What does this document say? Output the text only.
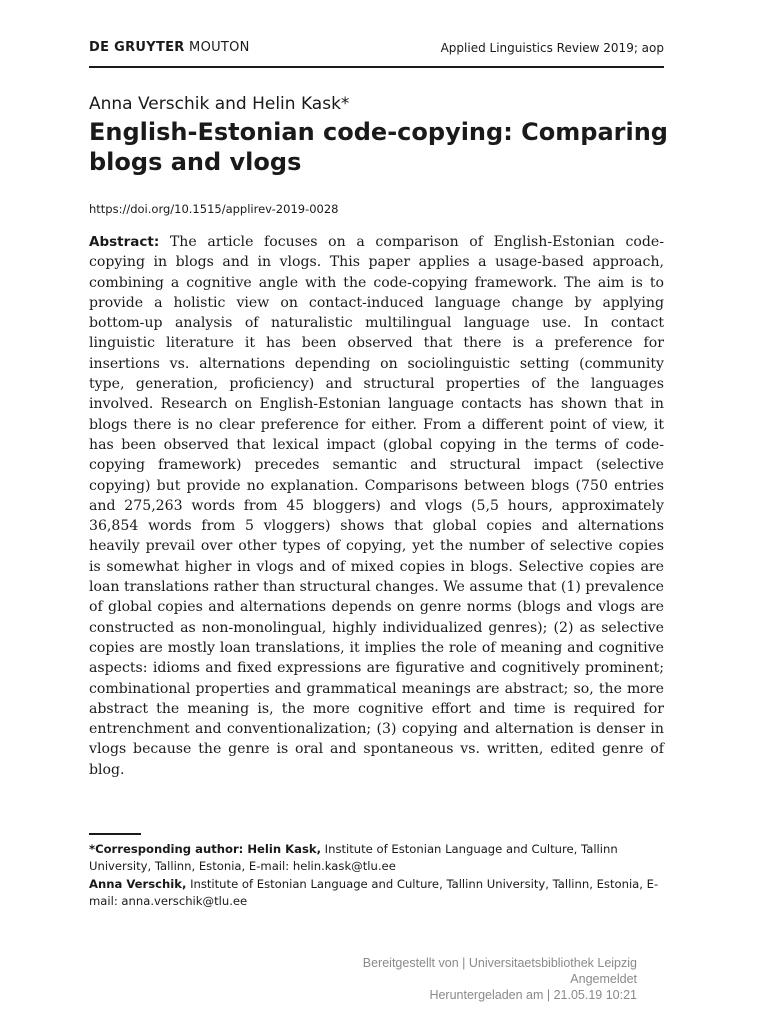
DE GRUYTER MOUTON	Applied Linguistics Review 2019; aop
Anna Verschik and Helin Kask*
English-Estonian code-copying: Comparing blogs and vlogs
https://doi.org/10.1515/applirev-2019-0028
Abstract: The article focuses on a comparison of English-Estonian code-copying in blogs and in vlogs. This paper applies a usage-based approach, combining a cognitive angle with the code-copying framework. The aim is to provide a holistic view on contact-induced language change by applying bottom-up analysis of naturalistic multilingual language use. In contact linguistic literature it has been observed that there is a preference for insertions vs. alternations depending on sociolinguistic setting (community type, generation, proficiency) and structural properties of the languages involved. Research on English-Estonian language contacts has shown that in blogs there is no clear preference for either. From a different point of view, it has been observed that lexical impact (global copying in the terms of code-copying framework) precedes semantic and structural impact (selective copying) but provide no explanation. Comparisons between blogs (750 entries and 275,263 words from 45 bloggers) and vlogs (5,5 hours, approximately 36,854 words from 5 vloggers) shows that global copies and alternations heavily prevail over other types of copying, yet the number of selective copies is somewhat higher in vlogs and of mixed copies in blogs. Selective copies are loan translations rather than structural changes. We assume that (1) prevalence of global copies and alternations depends on genre norms (blogs and vlogs are constructed as non-monolingual, highly individualized genres); (2) as selective copies are mostly loan translations, it implies the role of meaning and cognitive aspects: idioms and fixed expressions are figurative and cognitively prominent; combinational properties and grammatical meanings are abstract; so, the more abstract the meaning is, the more cognitive effort and time is required for entrenchment and conventionalization; (3) copying and alternation is denser in vlogs because the genre is oral and spontaneous vs. written, edited genre of blog.

*Corresponding author: Helin Kask, Institute of Estonian Language and Culture, Tallinn University, Tallinn, Estonia, E-mail: helin.kask@tlu.ee

Anna Verschik, Institute of Estonian Language and Culture, Tallinn University, Tallinn, Estonia, E-mail: anna.verschik@tlu.ee

Bereitgestellt von | Universitaetsbibliothek Leipzig
Angemeldet
Heruntergeladen am | 21.05.19 10:21
